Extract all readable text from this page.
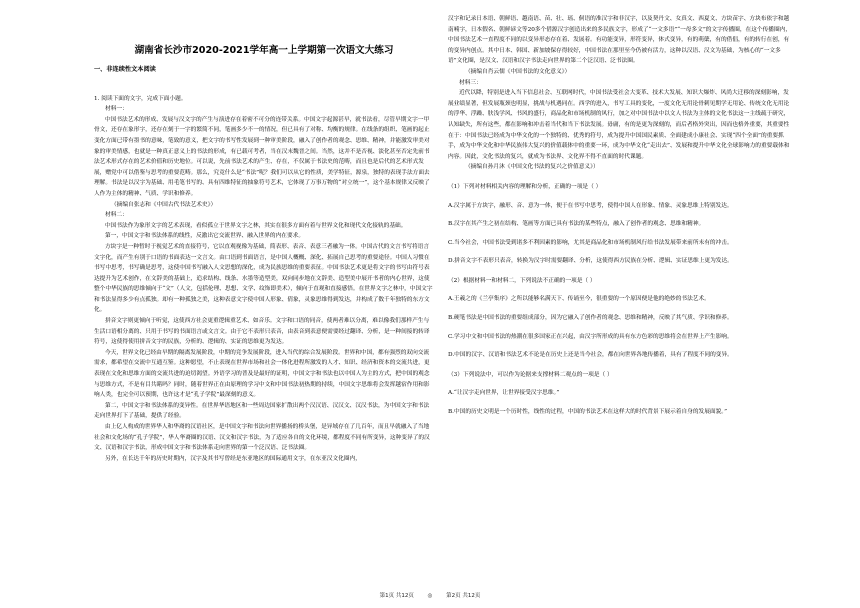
湖南省长沙市2020-2021学年高一上学期第一次语文大练习
一、非连续性文本阅读

1. 阅读下面的文字，完成下面小题。

材料一：

中国书法艺术的形成、发展与汉文字的产生与演进存在着密不可分的连带关系。中国文字起源甚早，就书法看，尽管早期文字一甲骨文，还存在象形字，还存在刻于一字的繁简不同，笔画多少不一的情况，但已具有了对称、均衡的规律。在线条的组织、笔画的起止变化方面已带有墨书的意味，笔致的意义，把文字的书写性发展到一种审美阶段，融入了创作者的观念、思维、精神，并能激发审美对象的审美情感，也就是一种真正意义上的书法的形成，有已载可考者，当在汉末魏晋之间。当然，这并不是否视、淡化甚至否定先前书法艺术形式存在的艺术价值和历史地位。可以说，先前书法艺术的产生、存在，不仅属于书法史的范畴，而且也是后代的艺术形式发展，赠党中可以借鉴与思考的重要范畴。那么，究竟什么是“书法”呢？我们可以从它的性质，美学特征，源泉，独特的表现手法方面去理解。书法是以汉字为基础、用毛笔书写的、具有四维特征的抽象符号艺术，它体现了万事万物的“对立统一”，这个基本规律又反映了人作为主体的精神、气质、学识和修养。

（摘编自张志和《中国古代书法艺术史》）

材料二：

中国书法作为象形文字的艺术表现，看似孤立于世界文字之林，其实在很多方面有着与世界文化和现代文化接轨的基础。

第一，中国文字和书法体系的线性，反激出它交流世界、融入世界的内在要求。

方块字是一种暂时于视觉艺术的直接符号，它以直观视像为基础，简表形、表音、表意三者融为一体。中国古代的文言书写将语言文字化，而产生有别于口语的书面表达一文言文。由口语到书面语言，是中国人概概、深化、拓展自己思考的重要途径。中国人习惯在书写中思考，书写确是思考，这使中国书写融入人文思想的深化，成为民族思维的重要表征。中国书法艺术更是将文字的书写由符号表达提升为艺术创作，在文辞美的基础上，追求结构、线条、水墨等造型美，双向同步地在文辞美、造型美中展开书者的内心世界，这使整个中华民族的思维倾向于“文”（人文，包括伦理、思想、文学、纹饰即美术），倾向于直观和直接感悟。在世界文字之林中，中国文字和书法显得多少有点孤独。却有一种孤独之美，这种表意文字使中国人形象、倩象，灵象思维得到发达，并构成了数千年独特的东方文化。

拼音文字则更倾向于听觉，这使西方社会更重逻辑重艺术、如音乐。文字和口语的同音，使两者难以分离，难以像我们那样产生与生活口语相分离的、只用于书写的书面语言或文言文。由于它不表形只表音，由表音到表意便需要经过翻译、分析，是一种间接的转译符号，这使得使用拼音文字的民族，分析的、逻辑的、实证的思维更为发达。

今天，世界文化已经由早期的隔离发展阶段，中期的竞争发展阶段，进入当代的综合发展阶段。世界和中国，都有强烈的双向交流需求，都希望在交流中互通互鉴。这种愿望，不止表现在世界市场和社会一体化进程所激发的人才、知识、经济和资本的交流共进，更表现在文化和思维方面的交流共进的迫切渴望。外语学习的普及是最好的证明，中国文字和书法也以中国人为主的方式，把中国的观念与思维方式，不是有目共睹吗？同时，随着世界正在由原理的学习中文和中国书法初热期的持续，中国文字思维将会发挥越宿作用和影响人类，也完全可以预期，也许这才是“孔子学院”最深刻的意义。

第二，中国文字和书法体系的变异性。在世界华语地区和一些周边国家扩散出两个汉汉语、汉汉文、汉汉书法，为中国文字和书法走向世界打下了基础，提供了经验。

由上亿人构成的世界华人和华裔的汉语社区，是中国文字和书法向世界播扬的桥头堡，是异域存在了几百年，而且早就融入了当地社会和文化场的“孔子学院”，华人华裔圈的汉语、汉文和汉字书法，为了适应各自的文化环境，都程度不同有所变异，这种变异了的汉文、汉语和汉字书法，形成中国文字和书法体系走向世界的第一个泛汉语、泛书法圈。

另外，在长达千年的历史时期内，汉字及其书写曾经是东亚地区的国际通用文字，在东亚汉文化圈内，

汉字和记录日本语、朝鲜语、越南语、苗、壮、瑶、侗语的准汉字和非汉字，以及契丹文、女真文、西夏文、方块苗字、方块布依字和越南喃字，日本假名、朝鲜谚文等20多个借源汉字创造出来的多民族文字，形成了“一文多语”“一母多文”的文字传播圈，在这个传播圈内，中国书法艺术一直程度不同的以变异形态存在着、发展着。有功能变异，形符变异，体式变异，有的萌蘖，有的借倡，有的转行在创，有的变异内创点。其中日本、韩国、新加坡保存得较好，中国书法在那里至今仍被有活力，这种以汉语、汉文为基础，为核心的“一文多语”文化圈，是汉文、汉语和汉字书法走向世界的第二个泛汉语、泛书法圈。

（摘编自肖云儒《中国书法的文化意义》）

材料三：

近代以降，特别是进入当下信息社会、互联网时代，中国书法受社会大变革、技术大发展、知识大爆炸、风尚大迁移的深刻影响，发展业绩显著，但发展瓶颈也明显，挑战与机遇同在。西学的进入，书写工具的变化，一度文化无用论骨刺见期学无用论、传统文化无用论的浮华、浮躁、肤浅学风、书风的盛行，商品化和市场机制的风行，加之对中国书法中以文人书法为主体的文化书法这一主线疏于研究，认知缺失，所有这些，都在影响和冲击着当代和当下书法发展。毋庸，有的是更为深刻的，而后者格外突出，因而也格外重要，其重要性在于：中国书法已经成为中华文化的一个独特的、优秀的符号，成为提升中国国民素质、全面建成小康社会、实现“四个全面”的重要抓手，成为中华文化和中华民族伟大复兴的价值载体中的重要一环，成为中华文化“走出去”、发展和提升中华文化全球影响力的重要载体和内容。因此，文化书法的复兴，就成为书法界、文化界不得不直面的时代课题。

（摘编自孙月沐《中国文化书法的复兴之价值意义》）

（1）下列对材料相关内容的理解和分析，正确的一项是（ ）

A.汉字属于方块字，融形、音、意为一体，便于在书写中思考，使得中国人在形象、情象、灵象思维上特别发达。

B.汉字在其产生之初在结构、笔画等方面已具有书法的某些特点，融入了创作者的观念、思维和精神。

C.当今社会，中国书法受到诸多不利因素的影响，尤其是商品化和市场机制风行给书法发展带来前所未有的冲击。

D.拼音文字不表形只表音，转换为汉字时需要翻译、分析，这使得西方民族在分析、逻辑、实证思维上更为发达。

（2）根据材料一和材料二，下列说法不正确的一项是（ ）

A.王羲之的《兰亭集序》之所以能够名满天下、传诵至今，很重要的一个原因便是他的绝妙的书法艺术。

B.硬笔书法是中国书法的重要组成部分，因为它融入了创作者的观念、思维和精神，反映了其气质、学识和修养。

C.学习中文和中国书法的热潮在很多国家正在兴起，由汉字所形成的具有东方色彩的思维将会在世界上产生影响。

D.中国的汉字、汉语和书法艺术不论是在历史上还是当今社会，都在向世界各地传播着，具有了程度不同的变异。

（3）下列说法中，可以作为论据来支撑材料二观点的一项是（ ）

A.“让汉字走向世界，让世界接受汉字思维。”

B.中国的历史文明是一个历时性，线性的过程，中国的书法艺术在这样大的时代背景下展示着自身的发展面貌。”

第1页 共12页	◎	第2页 共12页
